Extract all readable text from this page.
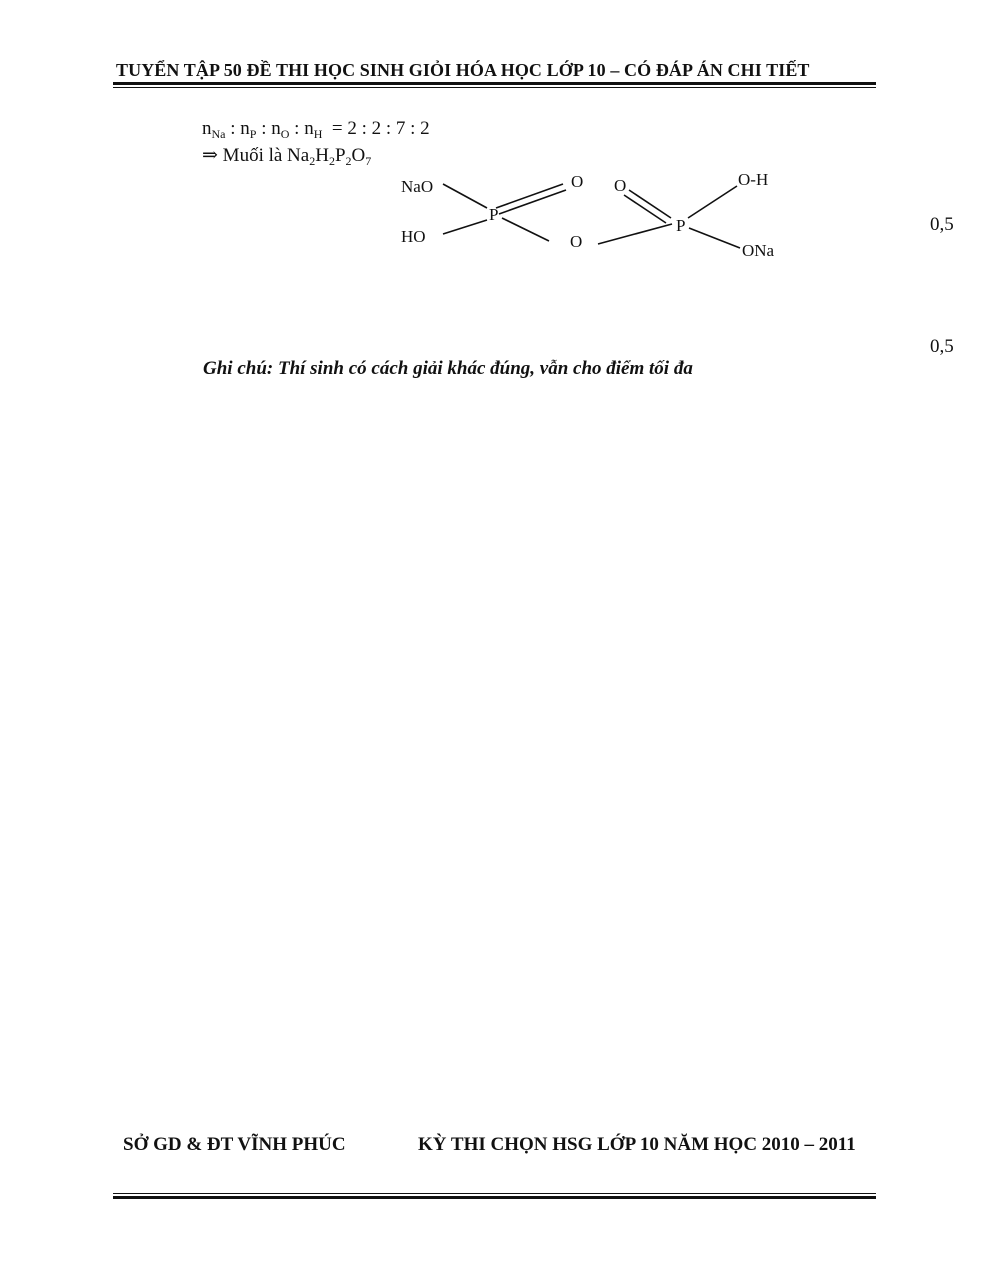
TUYỂN TẬP 50 ĐỀ THI HỌC SINH GIỎI HÓA HỌC LỚP 10 – CÓ ĐÁP ÁN CHI TIẾT
$n_{Na}$ : $n_P$ : $n_O$ : $n_H = 2$ : 2 : 7 : 2
⇒ Muối là $Na_2H_2P_2O_7$
NaO
HO
P
O
O
O
P
O-H
ONa
0,5
0,5
Ghi chú: Thí sinh có cách giải khác đúng, vẫn cho điểm tối đa
SỞ GD & ĐT VĨNH PHÚC	KỲ THI CHỌN HSG LỚP 10 NĂM HỌC 2010 – 2011
